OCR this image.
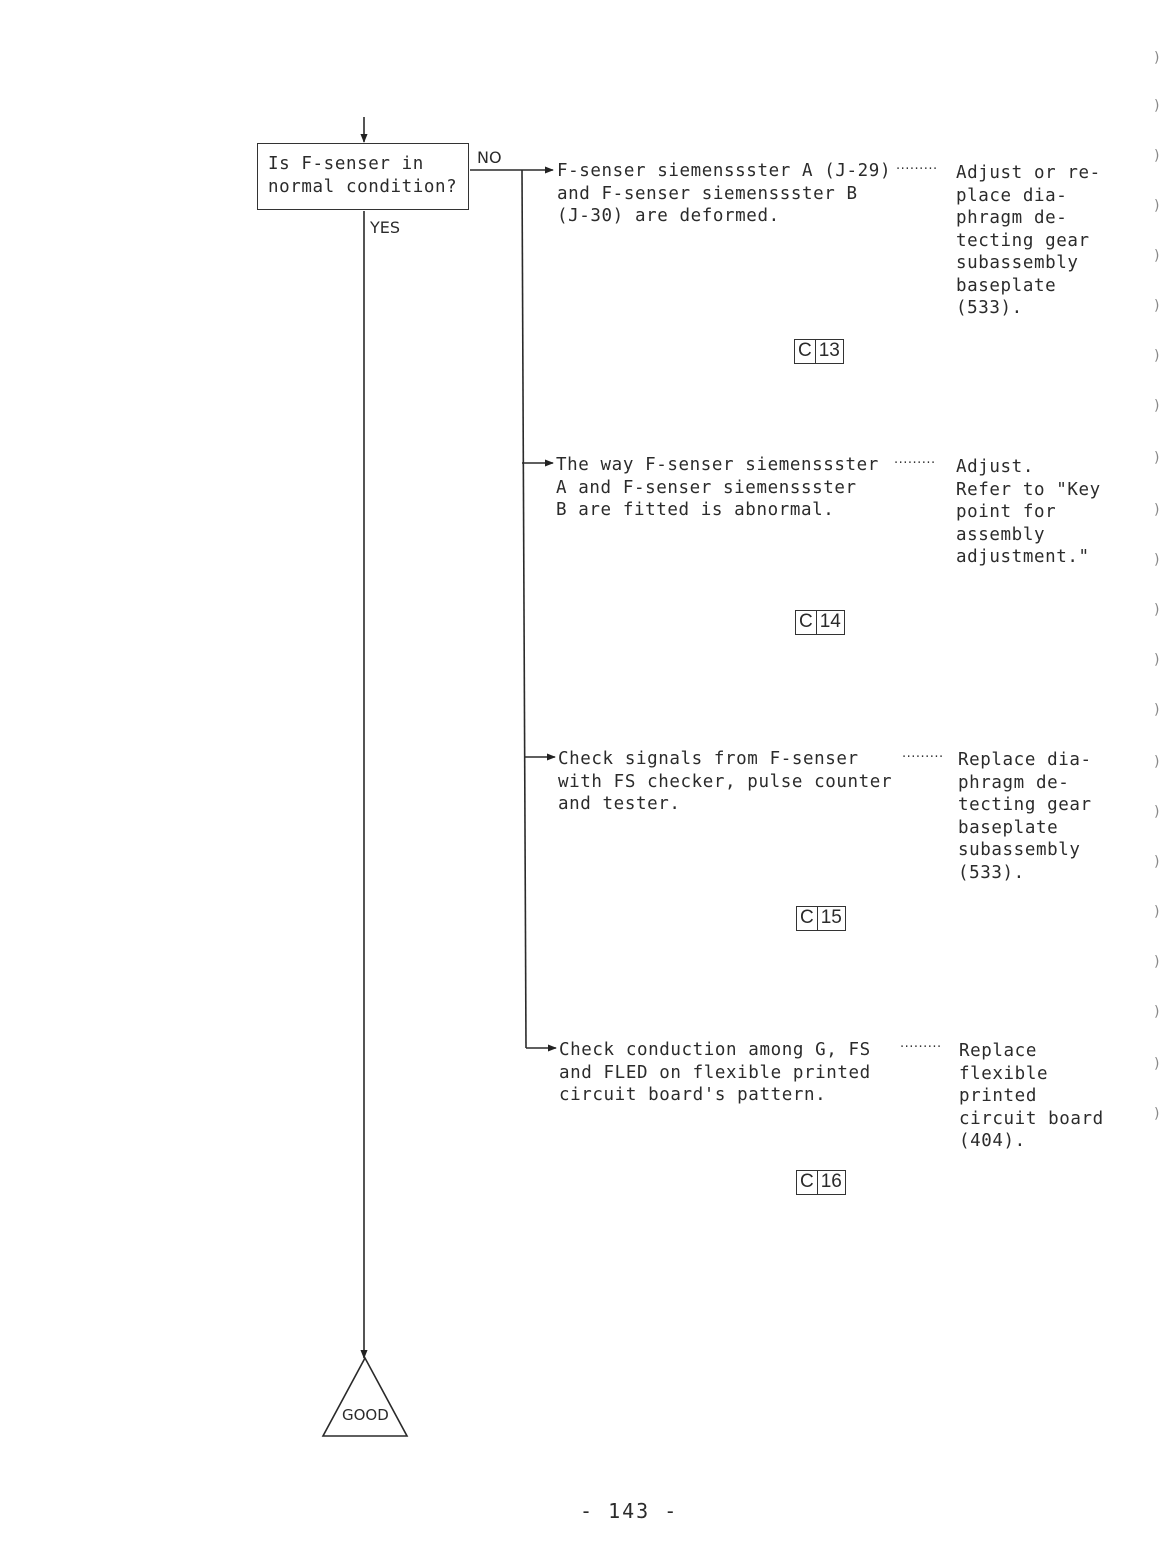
Is F-senser in
normal condition?
NO
YES
F-senser siemenssster A (J-29)
and F-senser siemenssster B
(J-30) are deformed.
········· Adjust or re-
place dia-
phragm de-
tecting gear
subassembly
baseplate
(533).
C 13
The way F-senser siemenssster
A and F-senser siemenssster
B are fitted is abnormal.
········· Adjust.
Refer to "Key
point for
assembly
adjustment."
C 14
Check signals from F-senser
with FS checker, pulse counter
and tester.
········· Replace dia-
phragm de-
tecting gear
baseplate
subassembly
(533).
C 15
Check conduction among G, FS
and FLED on flexible printed
circuit board's pattern.
········· Replace
flexible
printed
circuit board
(404).
C 16
GOOD
- 143 -
)
)
)
)
)
)
)
)
)
)
)
)
)
)
)
)
)
)
)
)
)
)
